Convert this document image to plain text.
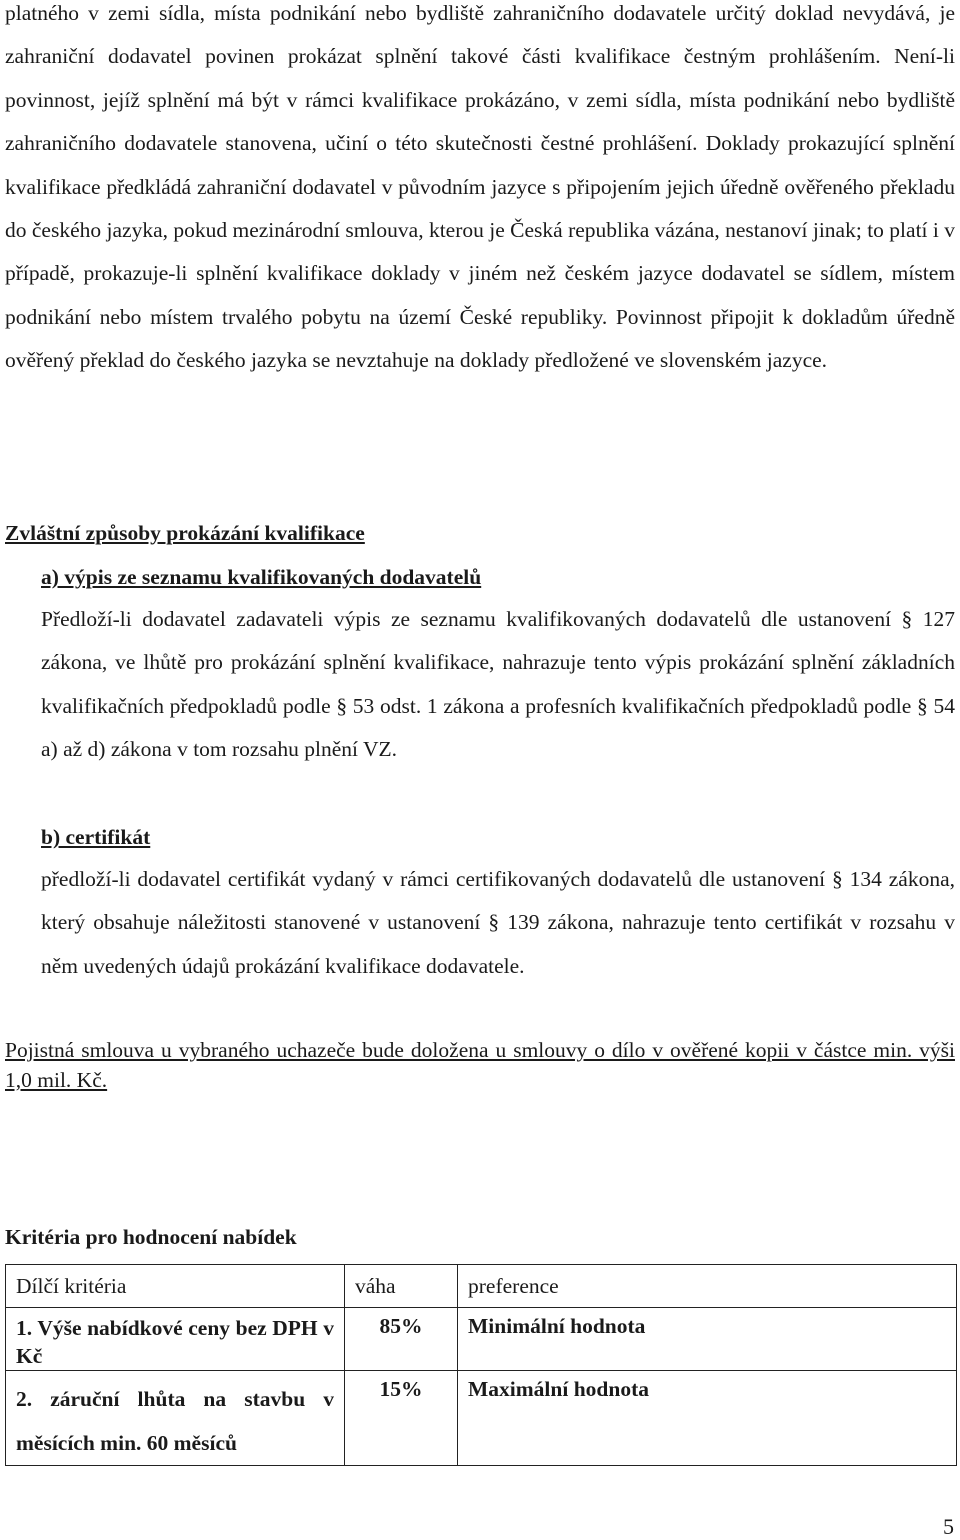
platného v zemi sídla, místa podnikání nebo bydliště zahraničního dodavatele určitý doklad nevydává, je zahraniční dodavatel povinen prokázat splnění takové části kvalifikace čestným prohlášením. Není-li povinnost, jejíž splnění má být v rámci kvalifikace prokázáno, v zemi sídla, místa podnikání nebo bydliště zahraničního dodavatele stanovena, učiní o této skutečnosti čestné prohlášení. Doklady prokazující splnění kvalifikace předkládá zahraniční dodavatel v původním jazyce s připojením jejich úředně ověřeného překladu do českého jazyka, pokud mezinárodní smlouva, kterou je Česká republika vázána, nestanoví jinak; to platí i v případě, prokazuje-li splnění kvalifikace doklady v jiném než českém jazyce dodavatel se sídlem, místem podnikání nebo místem trvalého pobytu na území České republiky. Povinnost připojit k dokladům úředně ověřený překlad do českého jazyka se nevztahuje na doklady předložené ve slovenském jazyce.

Zvláštní způsoby prokázání kvalifikace
a) výpis ze seznamu kvalifikovaných dodavatelů

Předloží-li dodavatel zadavateli výpis ze seznamu kvalifikovaných dodavatelů dle ustanovení § 127 zákona, ve lhůtě pro prokázání splnění kvalifikace, nahrazuje tento výpis prokázání splnění základních kvalifikačních předpokladů podle § 53 odst. 1 zákona a profesních kvalifikačních předpokladů podle § 54 a) až d) zákona v tom rozsahu plnění VZ.

b) certifikát

předloží-li dodavatel certifikát vydaný v rámci certifikovaných dodavatelů dle ustanovení § 134 zákona, který obsahuje náležitosti stanovené v ustanovení § 139 zákona, nahrazuje tento certifikát v rozsahu v něm uvedených údajů prokázání kvalifikace dodavatele.

Pojistná smlouva u vybraného uchazeče bude doložena u smlouvy o dílo v ověřené kopii v částce min. výši 1,0 mil. Kč.

Kritéria pro hodnocení nabídek
Dílčí kritéria	váha	preference

1. Výše nabídkové ceny bez DPH v Kč	85%	Minimální hodnota

2. záruční lhůta na stavbu v měsících min. 60 měsíců	15%	Maximální hodnota
5
